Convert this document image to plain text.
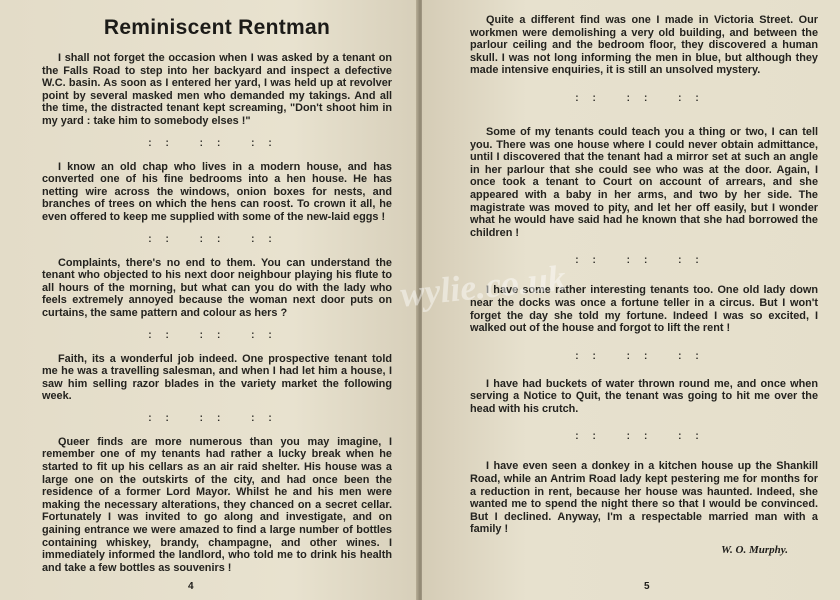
Reminiscent Rentman

I shall not forget the occasion when I was asked by a tenant on the Falls Road to step into her backyard and inspect a defective W.C. basin. As soon as I entered her yard, I was held up at revolver point by several masked men who demanded my takings. And all the time, the distracted tenant kept screaming, "Don't shoot him in my yard : take him to somebody elses !"

:: :: ::

I know an old chap who lives in a modern house, and has converted one of his fine bedrooms into a hen house. He has netting wire across the windows, onion boxes for nests, and branches of trees on which the hens can roost. To crown it all, he even offered to keep me supplied with some of the new-laid eggs !

:: :: ::

Complaints, there's no end to them. You can understand the tenant who objected to his next door neighbour playing his flute to all hours of the morning, but what can you do with the lady who feels extremely annoyed because the woman next door puts on curtains, the same pattern and colour as hers ?

:: :: ::

Faith, its a wonderful job indeed. One prospective tenant told me he was a travelling salesman, and when I had let him a house, I saw him selling razor blades in the variety market the following week.

:: :: ::

Queer finds are more numerous than you may imagine, I remember one of my tenants had rather a lucky break when he started to fit up his cellars as an air raid shelter. His house was a large one on the outskirts of the city, and had once been the residence of a former Lord Mayor. Whilst he and his men were making the necessary alterations, they chanced on a secret cellar. Fortunately I was invited to go along and investigate, and on gaining entrance we were amazed to find a large number of bottles containing whiskey, brandy, champagne, and other wines. I immediately informed the landlord, who told me to drink his health and take a few bottles as souvenirs !

4

Quite a different find was one I made in Victoria Street. Our workmen were demolishing a very old building, and between the parlour ceiling and the bedroom floor, they discovered a human skull. I was not long informing the men in blue, but although they made intensive enquiries, it is still an unsolved mystery.

:: :: ::

Some of my tenants could teach you a thing or two, I can tell you. There was one house where I could never obtain admittance, until I discovered that the tenant had a mirror set at such an angle in her parlour that she could see who was at the door. Again, I once took a tenant to Court on account of arrears, and she appeared with a baby in her arms, and two by her side. The magistrate was moved to pity, and let her off easily, but I wonder what he would have said had he known that she had borrowed the children !

:: :: ::

I have some rather interesting tenants too. One old lady down near the docks was once a fortune teller in a circus. But I won't forget the day she told my fortune. Indeed I was so excited, I walked out of the house and forgot to lift the rent !

:: :: ::

I have had buckets of water thrown round me, and once when serving a Notice to Quit, the tenant was going to hit me over the head with his crutch.

:: :: ::

I have even seen a donkey in a kitchen house up the Shankill Road, while an Antrim Road lady kept pestering me for months for a reduction in rent, because her house was haunted. Indeed, she wanted me to spend the night there so that I would be convinced. But I declined. Anyway, I'm a respectable married man with a family !

W. O. Murphy.
5
wylie.co.uk
